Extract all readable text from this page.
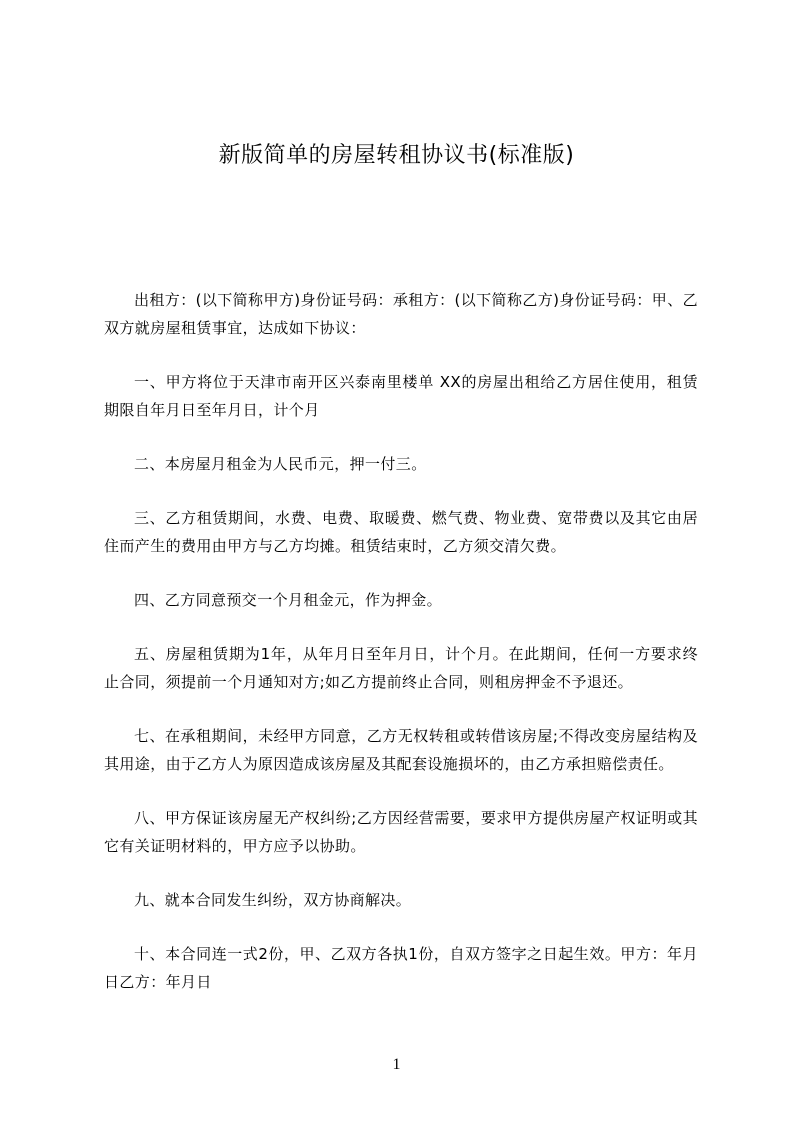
新版简单的房屋转租协议书(标准版)

出租方：(以下简称甲方)身份证号码：承租方：(以下简称乙方)身份证号码：甲、乙双方就房屋租赁事宜，达成如下协议：

一、甲方将位于天津市南开区兴泰南里楼单 XX的房屋出租给乙方居住使用，租赁期限自年月日至年月日，计个月

二、本房屋月租金为人民币元，押一付三。

三、乙方租赁期间，水费、电费、取暖费、燃气费、物业费、宽带费以及其它由居住而产生的费用由甲方与乙方均摊。租赁结束时，乙方须交清欠费。

四、乙方同意预交一个月租金元，作为押金。

五、房屋租赁期为1年，从年月日至年月日，计个月。在此期间，任何一方要求终止合同，须提前一个月通知对方;如乙方提前终止合同，则租房押金不予退还。

七、在承租期间，未经甲方同意，乙方无权转租或转借该房屋;不得改变房屋结构及其用途，由于乙方人为原因造成该房屋及其配套设施损坏的，由乙方承担赔偿责任。

八、甲方保证该房屋无产权纠纷;乙方因经营需要，要求甲方提供房屋产权证明或其它有关证明材料的，甲方应予以协助。

九、就本合同发生纠纷，双方协商解决。

十、本合同连一式2份，甲、乙双方各执1份，自双方签字之日起生效。甲方：年月日乙方：年月日

1
